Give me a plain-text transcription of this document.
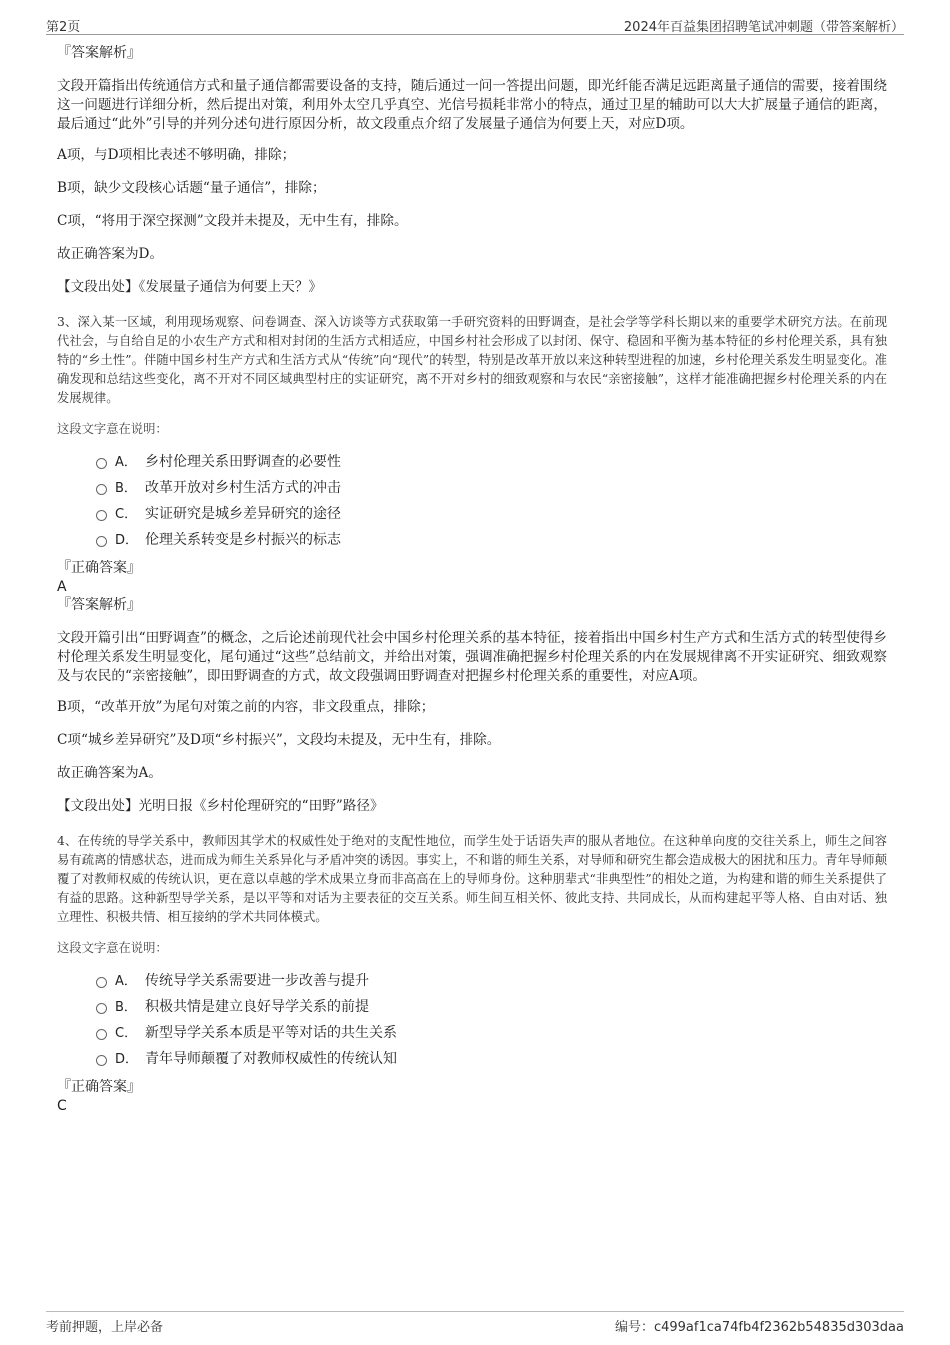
第2页	2024年百益集团招聘笔试冲刺题（带答案解析）

『答案解析』

文段开篇指出传统通信方式和量子通信都需要设备的支持，随后通过一问一答提出问题，即光纤能否满足远距离量子通信的需要，接着围绕这一问题进行详细分析，然后提出对策，利用外太空几乎真空、光信号损耗非常小的特点，通过卫星的辅助可以大大扩展量子通信的距离，最后通过“此外”引导的并列分述句进行原因分析，故文段重点介绍了发展量子通信为何要上天，对应D项。

A项，与D项相比表述不够明确，排除；

B项，缺少文段核心话题“量子通信”，排除；

C项，“将用于深空探测”文段并未提及，无中生有，排除。

故正确答案为D。

【文段出处】《发展量子通信为何要上天？》

3、深入某一区域，利用现场观察、问卷调查、深入访谈等方式获取第一手研究资料的田野调查，是社会学等学科长期以来的重要学术研究方法。在前现代社会，与自给自足的小农生产方式和相对封闭的生活方式相适应，中国乡村社会形成了以封闭、保守、稳固和平衡为基本特征的乡村伦理关系，具有独特的“乡土性”。伴随中国乡村生产方式和生活方式从“传统”向“现代”的转型，特别是改革开放以来这种转型进程的加速，乡村伦理关系发生明显变化。准确发现和总结这些变化，离不开对不同区域典型村庄的实证研究，离不开对乡村的细致观察和与农民“亲密接触”，这样才能准确把握乡村伦理关系的内在发展规律。

这段文字意在说明：

A． 乡村伦理关系田野调查的必要性
B． 改革开放对乡村生活方式的冲击
C． 实证研究是城乡差异研究的途径
D． 伦理关系转变是乡村振兴的标志

『正确答案』

A

『答案解析』

文段开篇引出“田野调查”的概念，之后论述前现代社会中国乡村伦理关系的基本特征，接着指出中国乡村生产方式和生活方式的转型使得乡村伦理关系发生明显变化，尾句通过“这些”总结前文，并给出对策，强调准确把握乡村伦理关系的内在发展规律离不开实证研究、细致观察及与农民的“亲密接触”，即田野调查的方式，故文段强调田野调查对把握乡村伦理关系的重要性，对应A项。

B项，“改革开放”为尾句对策之前的内容，非文段重点，排除；

C项“城乡差异研究”及D项“乡村振兴”，文段均未提及，无中生有，排除。

故正确答案为A。

【文段出处】光明日报《乡村伦理研究的“田野”路径》

4、在传统的导学关系中，教师因其学术的权威性处于绝对的支配性地位，而学生处于话语失声的服从者地位。在这种单向度的交往关系上，师生之间容易有疏离的情感状态，进而成为师生关系异化与矛盾冲突的诱因。事实上，不和谐的师生关系，对导师和研究生都会造成极大的困扰和压力。青年导师颠覆了对教师权威的传统认识，更在意以卓越的学术成果立身而非高高在上的导师身份。这种朋辈式“非典型性”的相处之道，为构建和谐的师生关系提供了有益的思路。这种新型导学关系，是以平等和对话为主要表征的交互关系。师生间互相关怀、彼此支持、共同成长，从而构建起平等人格、自由对话、独立理性、积极共情、相互接纳的学术共同体模式。

这段文字意在说明：

A． 传统导学关系需要进一步改善与提升
B． 积极共情是建立良好导学关系的前提
C． 新型导学关系本质是平等对话的共生关系
D． 青年导师颠覆了对教师权威性的传统认知

『正确答案』

C

考前押题，上岸必备	编号：c499af1ca74fb4f2362b54835d303daa
